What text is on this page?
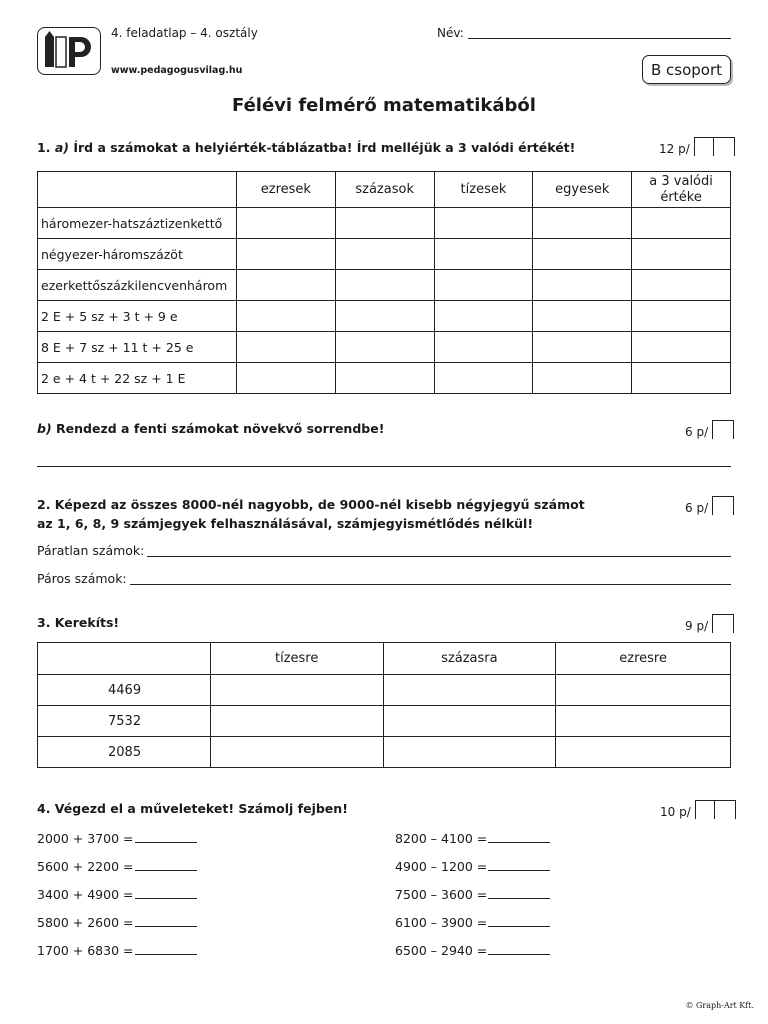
4. feladatlap – 4. osztály
www.pedagogusvilag.hu
Név:
B csoport
Félévi felmérő matematikából
1. a) Írd a számokat a helyiérték-táblázatba! Írd melléjük a 3 valódi értékét!	12 p/
	ezresek	százasok	tízesek	egyesek	a 3 valódi értéke
háromezer-hatszáztizenkettő					
négyezer-háromszázöt					
ezerkettőszázkilencvenhárom					
2 E + 5 sz + 3 t + 9 e					
8 E + 7 sz + 11 t + 25 e					
2 e + 4 t + 22 sz + 1 E					
b) Rendezd a fenti számokat növekvő sorrendbe!	6 p/
2. Képezd az összes 8000-nél nagyobb, de 9000-nél kisebb négyjegyű számot
az 1, 6, 8, 9 számjegyek felhasználásával, számjegyismétlődés nélkül!
6 p/
Páratlan számok:
Páros számok:
3. Kerekíts!	9 p/
	tízesre	százasra	ezresre
4469			
7532			
2085			
4. Végezd el a műveleteket! Számolj fejben!	10 p/
2000 + 3700 =
5600 + 2200 =
3400 + 4900 =
5800 + 2600 =
1700 + 6830 =
8200 – 4100 =
4900 – 1200 =
7500 – 3600 =
6100 – 3900 =
6500 – 2940 =
© Graph-Art Kft.
